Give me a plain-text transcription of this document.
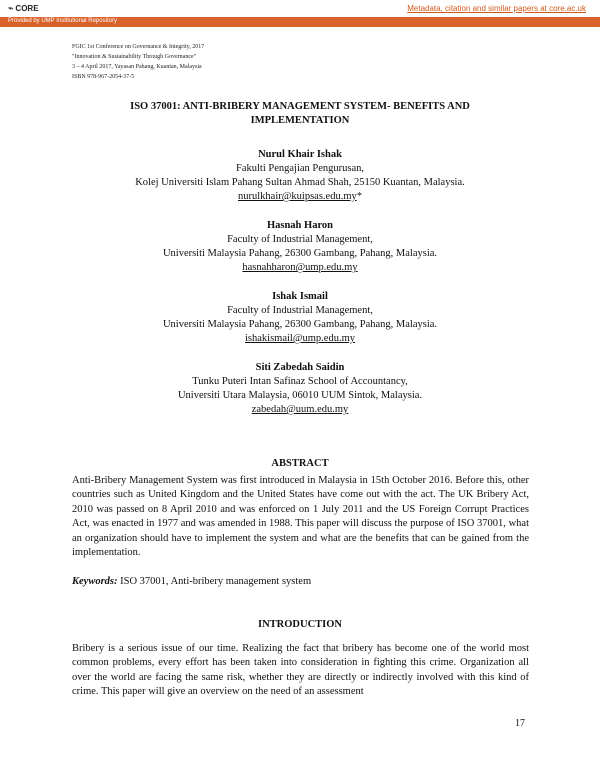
⌁ CORE	Metadata, citation and similar papers at core.ac.uk
Provided by UMP Institutional Repository
FGIC 1st Conference on Governance & Integrity, 2017
"Innovation & Sustainability Through Governance"
3 – 4 April 2017, Yayasan Pahang, Kuantan, Malaysia
ISBN 978-967-2054-37-5
ISO 37001: ANTI-BRIBERY MANAGEMENT SYSTEM- BENEFITS AND
IMPLEMENTATION
Nurul Khair Ishak
Fakulti Pengajian Pengurusan,
Kolej Universiti Islam Pahang Sultan Ahmad Shah, 25150 Kuantan, Malaysia.
nurulkhair@kuipsas.edu.my*
Hasnah Haron
Faculty of Industrial Management,
Universiti Malaysia Pahang, 26300 Gambang, Pahang, Malaysia.
hasnahharon@ump.edu.my
Ishak Ismail
Faculty of Industrial Management,
Universiti Malaysia Pahang, 26300 Gambang, Pahang, Malaysia.
ishakismail@ump.edu.my
Siti Zabedah Saidin
Tunku Puteri Intan Safinaz School of Accountancy,
Universiti Utara Malaysia, 06010 UUM Sintok, Malaysia.
zabedah@uum.edu.my
ABSTRACT
Anti-Bribery Management System was first introduced in Malaysia in 15th October 2016. Before this, other countries such as United Kingdom and the United States have come out with the act. The UK Bribery Act, 2010 was passed on 8 April 2010 and was enforced on 1 July 2011 and the US Foreign Corrupt Practices Act, was enacted in 1977 and was amended in 1988. This paper will discuss the purpose of ISO 37001, what an organization should have to implement the system and what are the benefits that can be gained from the implementation.
Keywords: ISO 37001, Anti-bribery management system
INTRODUCTION
Bribery is a serious issue of our time. Realizing the fact that bribery has become one of the world most common problems, every effort has been taken into consideration in fighting this crime. Organization all over the world are facing the same risk, whether they are directly or indirectly involved with this kind of crime. This paper will give an overview on the need of an assessment
17
